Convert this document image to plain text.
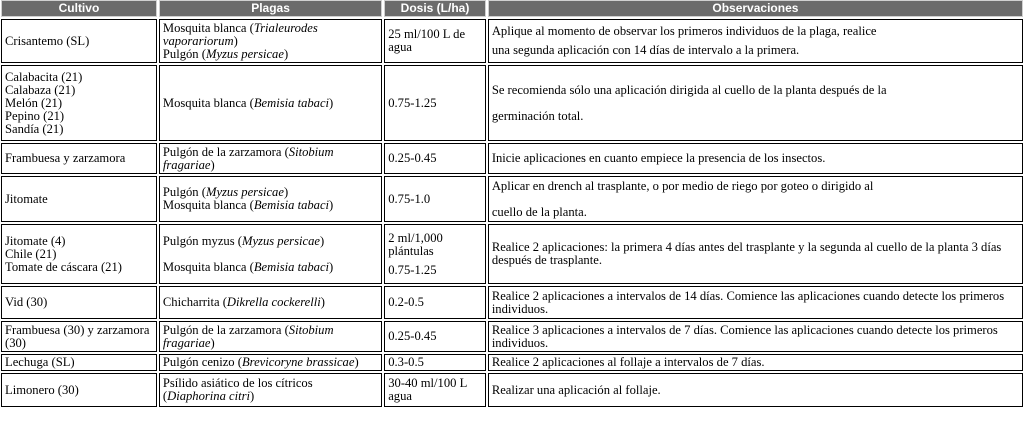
Cultivo	Plagas	Dosis (L/ha)	Observaciones

Crisantemo (SL)	Mosquita blanca (Trialeurodes vaporariorum)
Pulgón (Myzus persicae)	25 ml/100 L de agua	Aplique al momento de observar los primeros individuos de la plaga, realice
una segunda aplicación con 14 días de intervalo a la primera.

Calabacita (21)
Calabaza (21)
Melón (21)
Pepino (21)
Sandía (21)	Mosquita blanca (Bemisia tabaci)	0.75-1.25	Se recomienda sólo una aplicación dirigida al cuello de la planta después de la
germinación total.

Frambuesa y zarzamora	Pulgón de la zarzamora (Sitobium fragariae)	0.25-0.45	Inicie aplicaciones en cuanto empiece la presencia de los insectos.
Jitomate	Pulgón (Myzus persicae)
Mosquita blanca (Bemisia tabaci)	0.75-1.0	Aplicar en drench al trasplante, o por medio de riego por goteo o dirigido al
cuello de la planta.

Jitomate (4)
Chile (21)
Tomate de cáscara (21)	Pulgón myzus (Myzus persicae)
Mosquita blanca (Bemisia tabaci)	2 ml/1,000 plántulas
0.75-1.25	Realice 2 aplicaciones: la primera 4 días antes del trasplante y la segunda al cuello de la planta 3 días después de trasplante.
Vid (30)	Chicharrita (Dikrella cockerelli)	0.2-0.5	Realice 2 aplicaciones a intervalos de 14 días. Comience las aplicaciones cuando detecte los primeros individuos.
Frambuesa (30) y zarzamora (30)	Pulgón de la zarzamora (Sitobium fragariae)	0.25-0.45	Realice 3 aplicaciones a intervalos de 7 días. Comience las aplicaciones cuando detecte los primeros individuos.
Lechuga (SL)	Pulgón cenizo (Brevicoryne brassicae)	0.3-0.5	Realice 2 aplicaciones al follaje a intervalos de 7 días.
Limonero (30)	Psílido asiático de los cítricos (Diaphorina citri)	30-40 ml/100 L agua	Realizar una aplicación al follaje.
